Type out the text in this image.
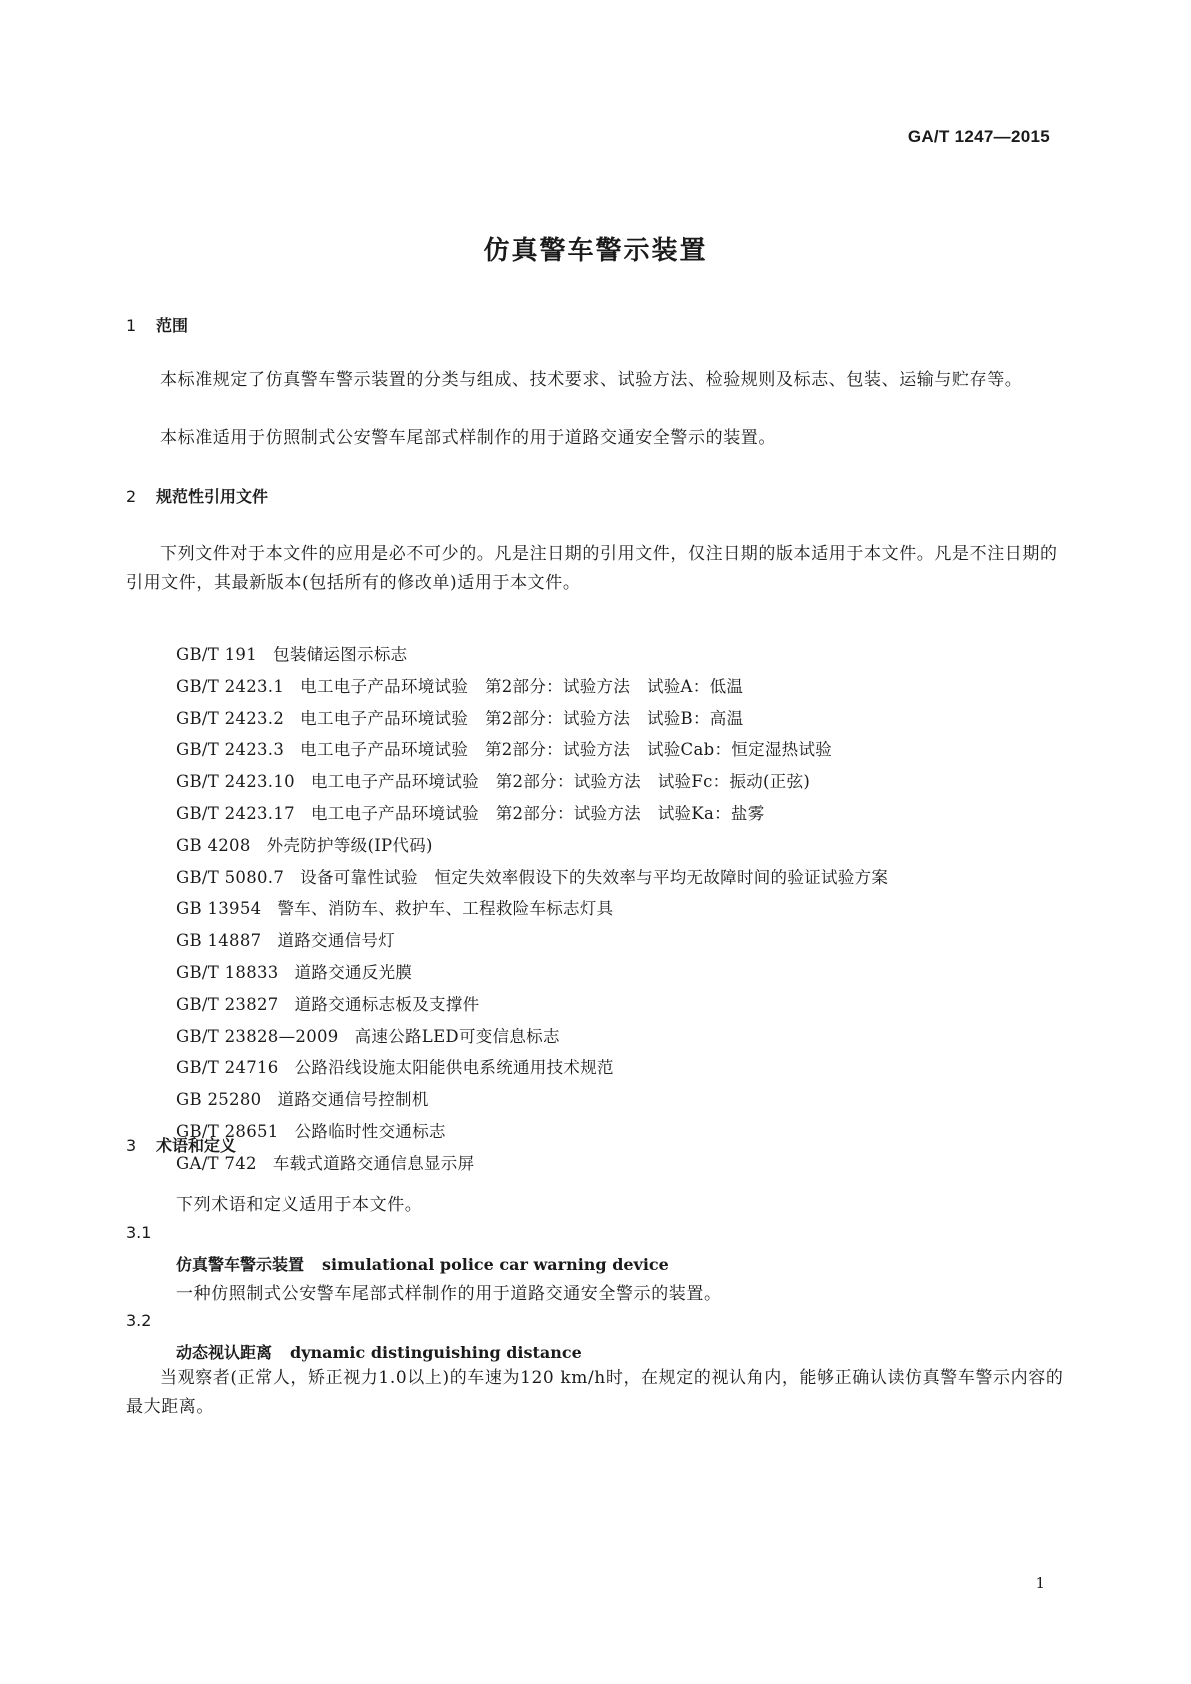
GA/T 1247—2015
仿真警车警示装置
1 范围
本标准规定了仿真警车警示装置的分类与组成、技术要求、试验方法、检验规则及标志、包装、运输与贮存等。
本标准适用于仿照制式公安警车尾部式样制作的用于道路交通安全警示的装置。
2 规范性引用文件
下列文件对于本文件的应用是必不可少的。凡是注日期的引用文件，仅注日期的版本适用于本文件。凡是不注日期的引用文件，其最新版本(包括所有的修改单)适用于本文件。
GB/T 191 包装储运图示标志
GB/T 2423.1 电工电子产品环境试验　第2部分：试验方法　试验A：低温
GB/T 2423.2 电工电子产品环境试验　第2部分：试验方法　试验B：高温
GB/T 2423.3 电工电子产品环境试验　第2部分：试验方法　试验Cab：恒定湿热试验
GB/T 2423.10 电工电子产品环境试验　第2部分：试验方法　试验Fc：振动(正弦)
GB/T 2423.17 电工电子产品环境试验　第2部分：试验方法　试验Ka：盐雾
GB 4208 外壳防护等级(IP代码)
GB/T 5080.7 设备可靠性试验　恒定失效率假设下的失效率与平均无故障时间的验证试验方案
GB 13954 警车、消防车、救护车、工程救险车标志灯具
GB 14887 道路交通信号灯
GB/T 18833 道路交通反光膜
GB/T 23827 道路交通标志板及支撑件
GB/T 23828—2009 高速公路LED可变信息标志
GB/T 24716 公路沿线设施太阳能供电系统通用技术规范
GB 25280 道路交通信号控制机
GB/T 28651 公路临时性交通标志
GA/T 742 车载式道路交通信息显示屏
3 术语和定义
下列术语和定义适用于本文件。
3.1
仿真警车警示装置 simulational police car warning device
一种仿照制式公安警车尾部式样制作的用于道路交通安全警示的装置。
3.2
动态视认距离 dynamic distinguishing distance
当观察者(正常人，矫正视力1.0以上)的车速为120 km/h时，在规定的视认角内，能够正确认读仿真警车警示内容的最大距离。
1
